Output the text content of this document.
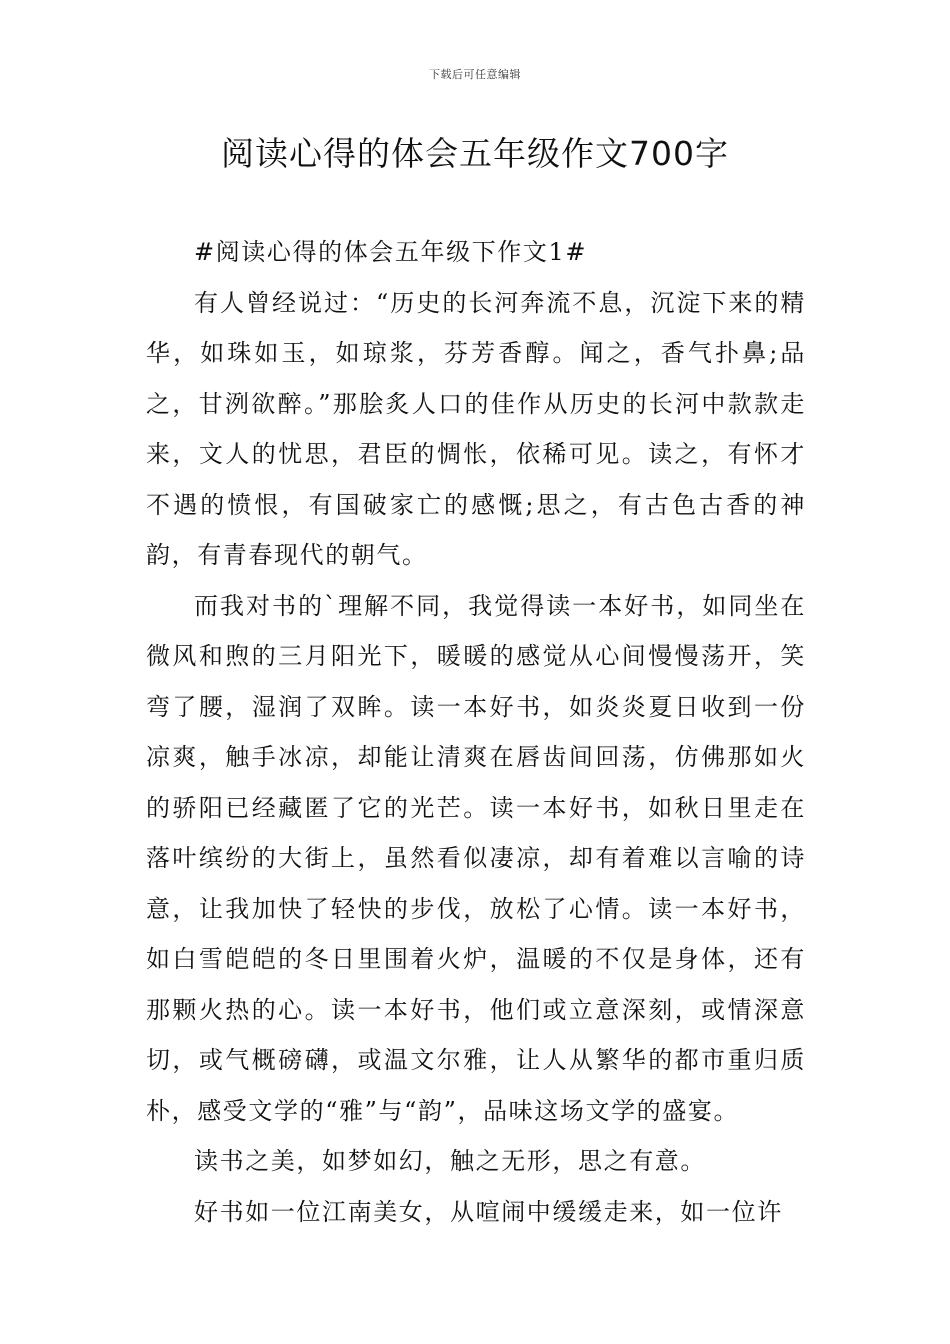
下载后可任意编辑
阅读心得的体会五年级作文700字

#阅读心得的体会五年级下作文1#

有人曾经说过：“历史的长河奔流不息，沉淀下来的精华，如珠如玉，如琼浆，芬芳香醇。闻之，香气扑鼻;品之，甘洌欲醉。”那脍炙人口的佳作从历史的长河中款款走来，文人的忧思，君臣的惆怅，依稀可见。读之，有怀才不遇的愤恨，有国破家亡的感慨;思之，有古色古香的神韵，有青春现代的朝气。

而我对书的`理解不同，我觉得读一本好书，如同坐在微风和煦的三月阳光下，暖暖的感觉从心间慢慢荡开，笑弯了腰，湿润了双眸。读一本好书，如炎炎夏日收到一份凉爽，触手冰凉，却能让清爽在唇齿间回荡，仿佛那如火的骄阳已经藏匿了它的光芒。读一本好书，如秋日里走在落叶缤纷的大街上，虽然看似凄凉，却有着难以言喻的诗意，让我加快了轻快的步伐，放松了心情。读一本好书，如白雪皑皑的冬日里围着火炉，温暖的不仅是身体，还有那颗火热的心。读一本好书，他们或立意深刻，或情深意切，或气概磅礴，或温文尔雅，让人从繁华的都市重归质朴，感受文学的“雅”与“韵”，品味这场文学的盛宴。

读书之美，如梦如幻，触之无形，思之有意。

好书如一位江南美女，从喧闹中缓缓走来，如一位许
